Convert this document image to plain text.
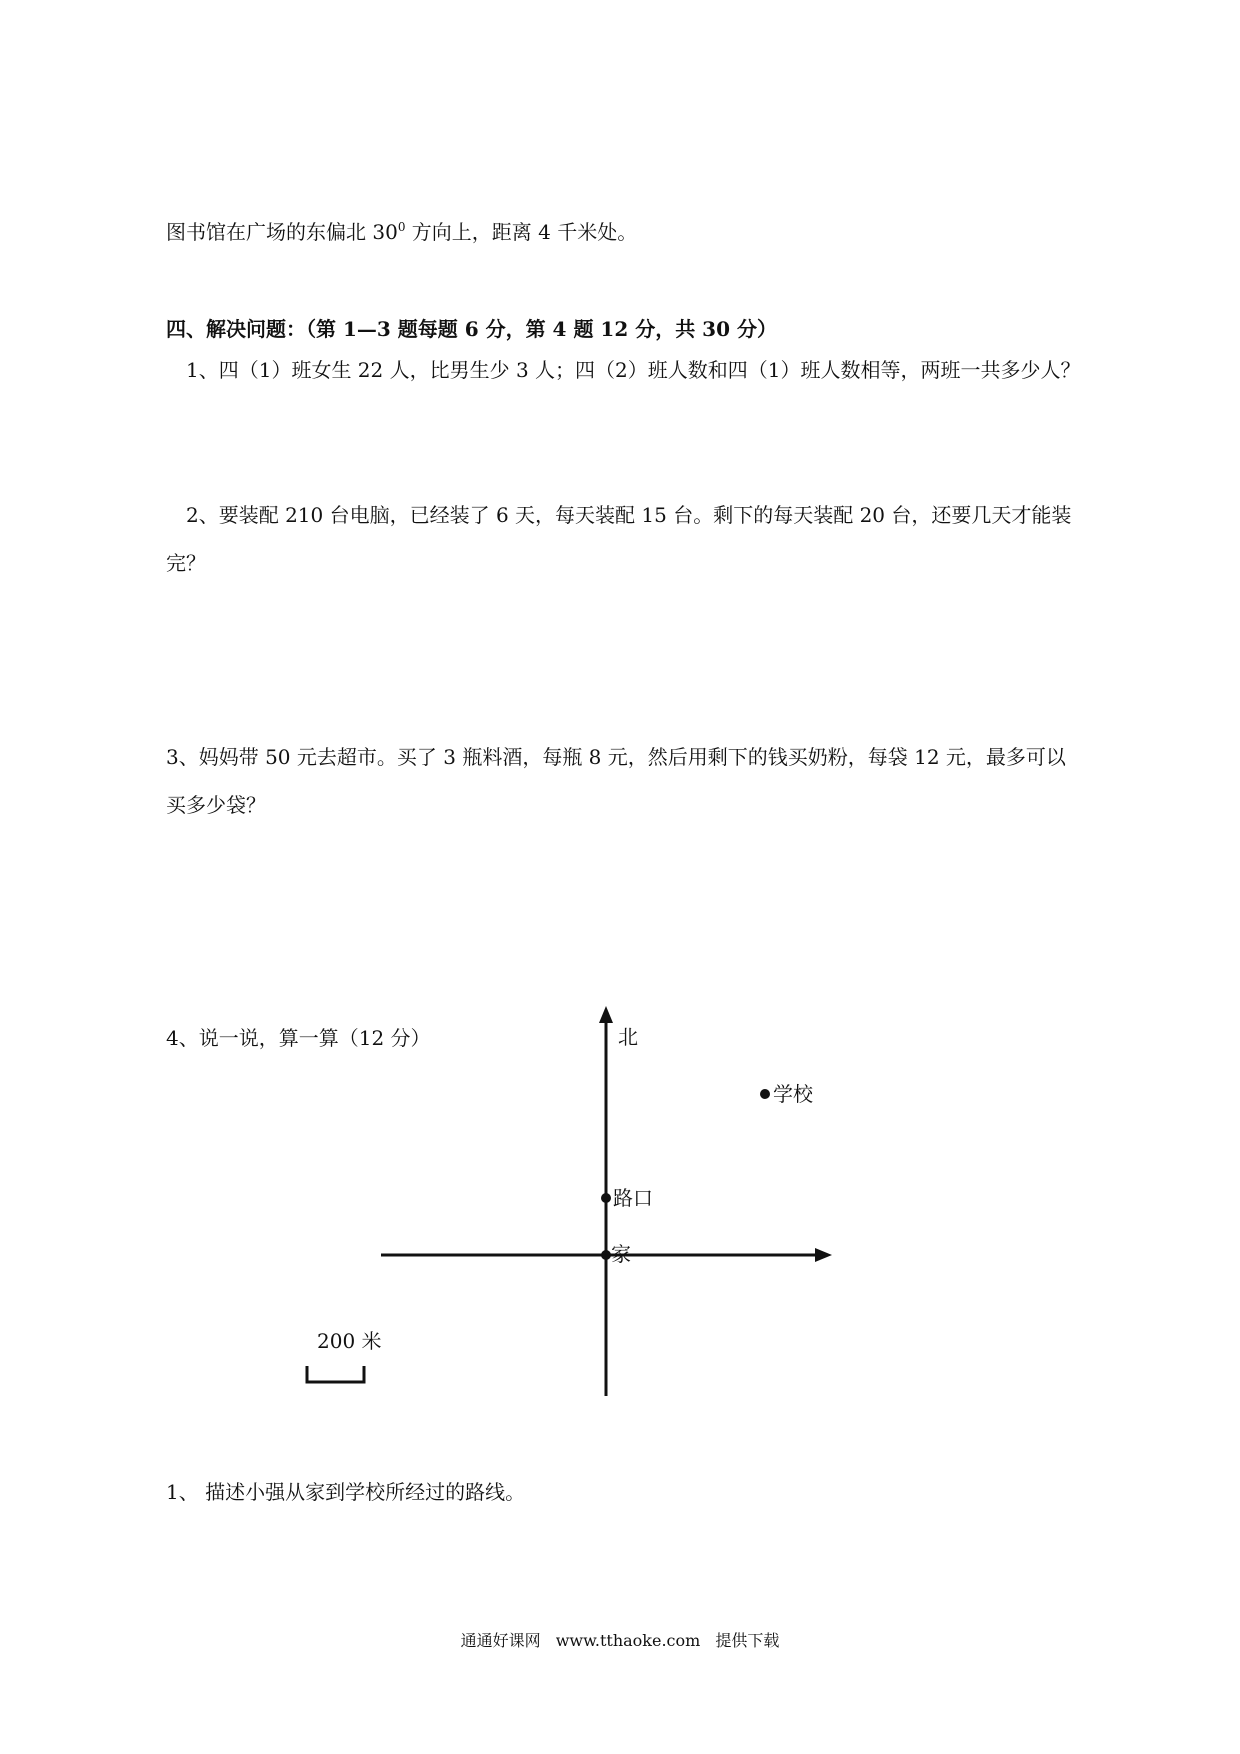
图书馆在广场的东偏北 $30^0$ 方向上，距离 4 千米处。
四、解决问题：（第 1—3 题每题 6 分，第 4 题 12 分，共 30 分）
1、四（1）班女生 22 人，比男生少 3 人；四（2）班人数和四（1）班人数相等，两班一共多少人？
2、要装配 210 台电脑，已经装了 6 天，每天装配 15 台。剩下的每天装配 20 台，还要几天才能装
完？
3、妈妈带 50 元去超市。买了 3 瓶料酒，每瓶 8 元，然后用剩下的钱买奶粉，每袋 12 元，最多可以
买多少袋？
4、说一说，算一算（12 分）	北
学校
路口
家
200 米
1、 描述小强从家到学校所经过的路线。
通通好课网 www.tthaoke.com 提供下载
